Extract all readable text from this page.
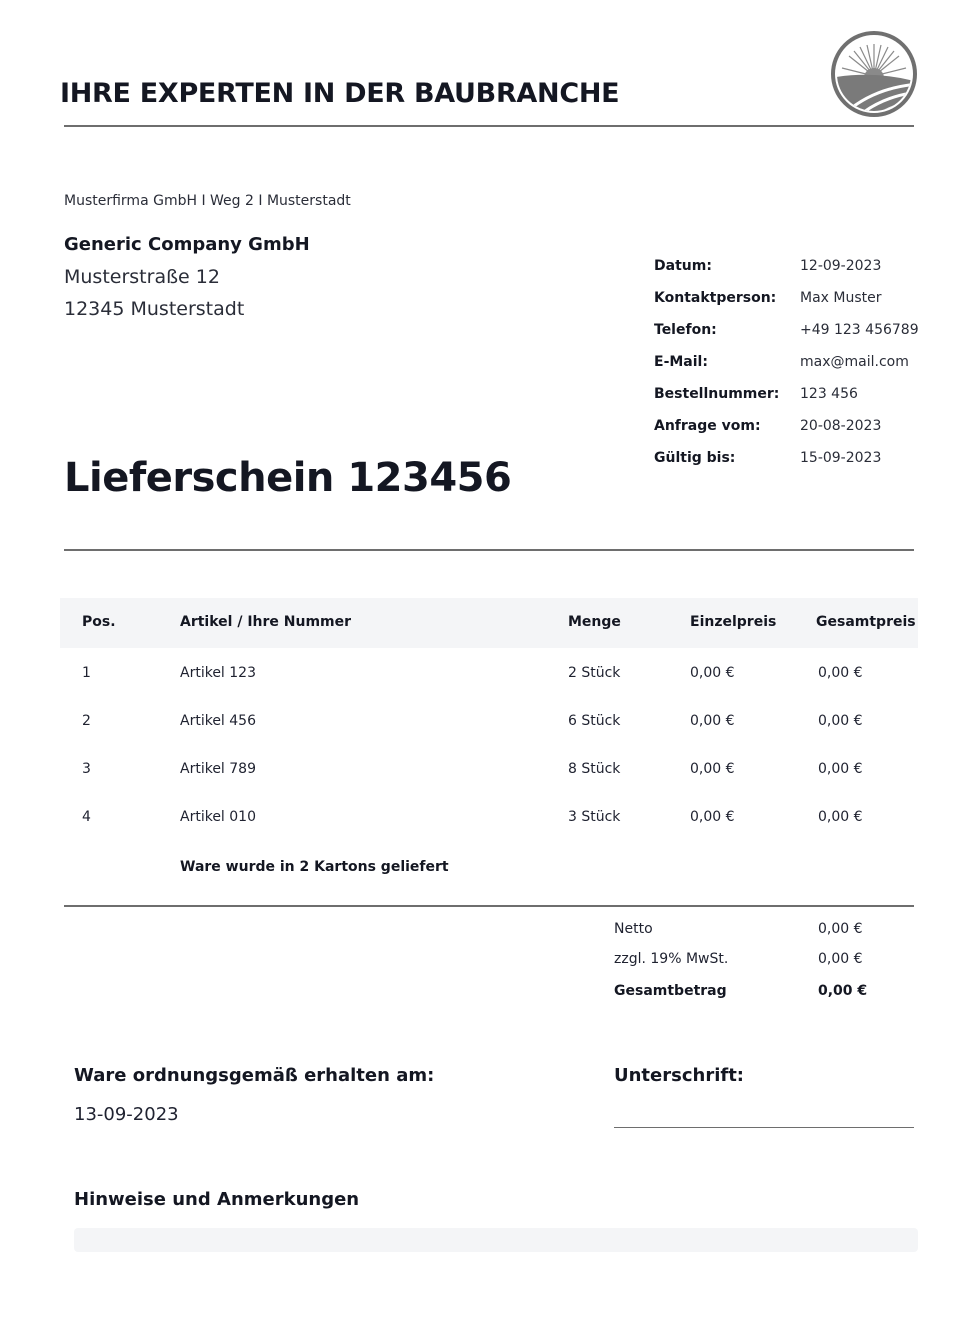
IHRE EXPERTEN IN DER BAUBRANCHE
Musterfirma GmbH I Weg 2 I Musterstadt
Generic Company GmbH
Musterstraße 12
12345 Musterstadt
Datum:	12-09-2023
Kontaktperson: Max Muster
Telefon:	+49 123 456789
E-Mail:	max@mail.com
Bestellnummer: 123 456
Anfrage vom:	20-08-2023
Gültig bis:	15-09-2023
Lieferschein 123456
Pos.	Artikel / Ihre Nummer	Menge	Einzelpreis	Gesamtpreis
1	Artikel 123	2 Stück	0,00 €	0,00 €
2	Artikel 456	6 Stück	0,00 €	0,00 €
3	Artikel 789	8 Stück	0,00 €	0,00 €
4	Artikel 010	3 Stück	0,00 €	0,00 €
Ware wurde in 2 Kartons geliefert
Netto	0,00 €
zzgl. 19% MwSt.	0,00 €
Gesamtbetrag	0,00 €
Ware ordnungsgemäß erhalten am:
13-09-2023
Unterschrift:
Hinweise und Anmerkungen
